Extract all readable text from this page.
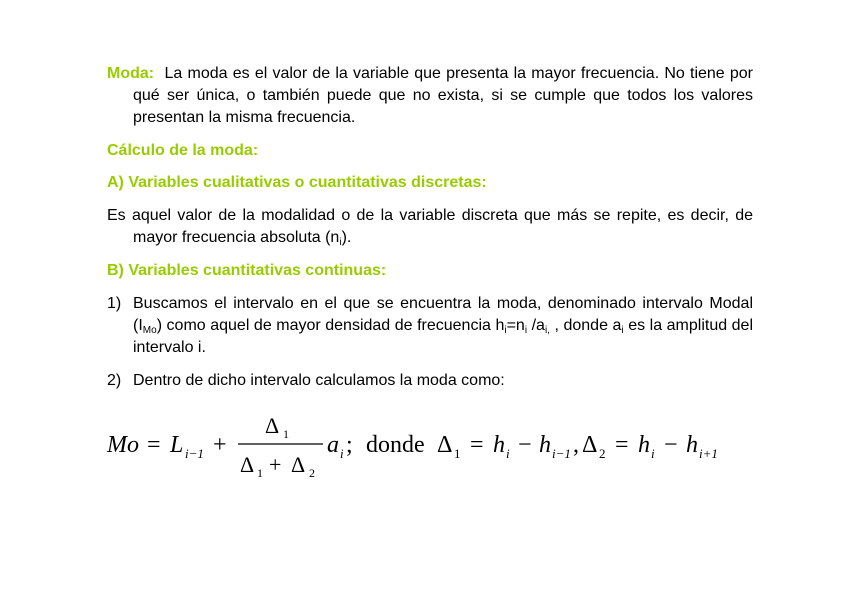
Moda: La moda es el valor de la variable que presenta la mayor frecuencia. No tiene por qué ser única, o también puede que no exista, si se cumple que todos los valores presentan la misma frecuencia.
Cálculo de la moda:
A) Variables cualitativas o cuantitativas discretas:
Es aquel valor de la modalidad o de la variable discreta que más se repite, es decir, de mayor frecuencia absoluta $(n_i)$.
B) Variables cuantitativas continuas:
1) Buscamos el intervalo en el que se encuentra la moda, denominado intervalo Modal $(I_{Mo})$ como aquel de mayor densidad de frecuencia $h_i=n_i$ $/a_{i,}$ , donde $a_i$ es la amplitud del intervalo i.
2) Dentro de dicho intervalo calculamos la moda como:
Mo = L i−1 +
Δ 1
Δ 1 + Δ 2
a i ; donde Δ 1 = h i − h i−1 , Δ 2 = h i − h i+1
